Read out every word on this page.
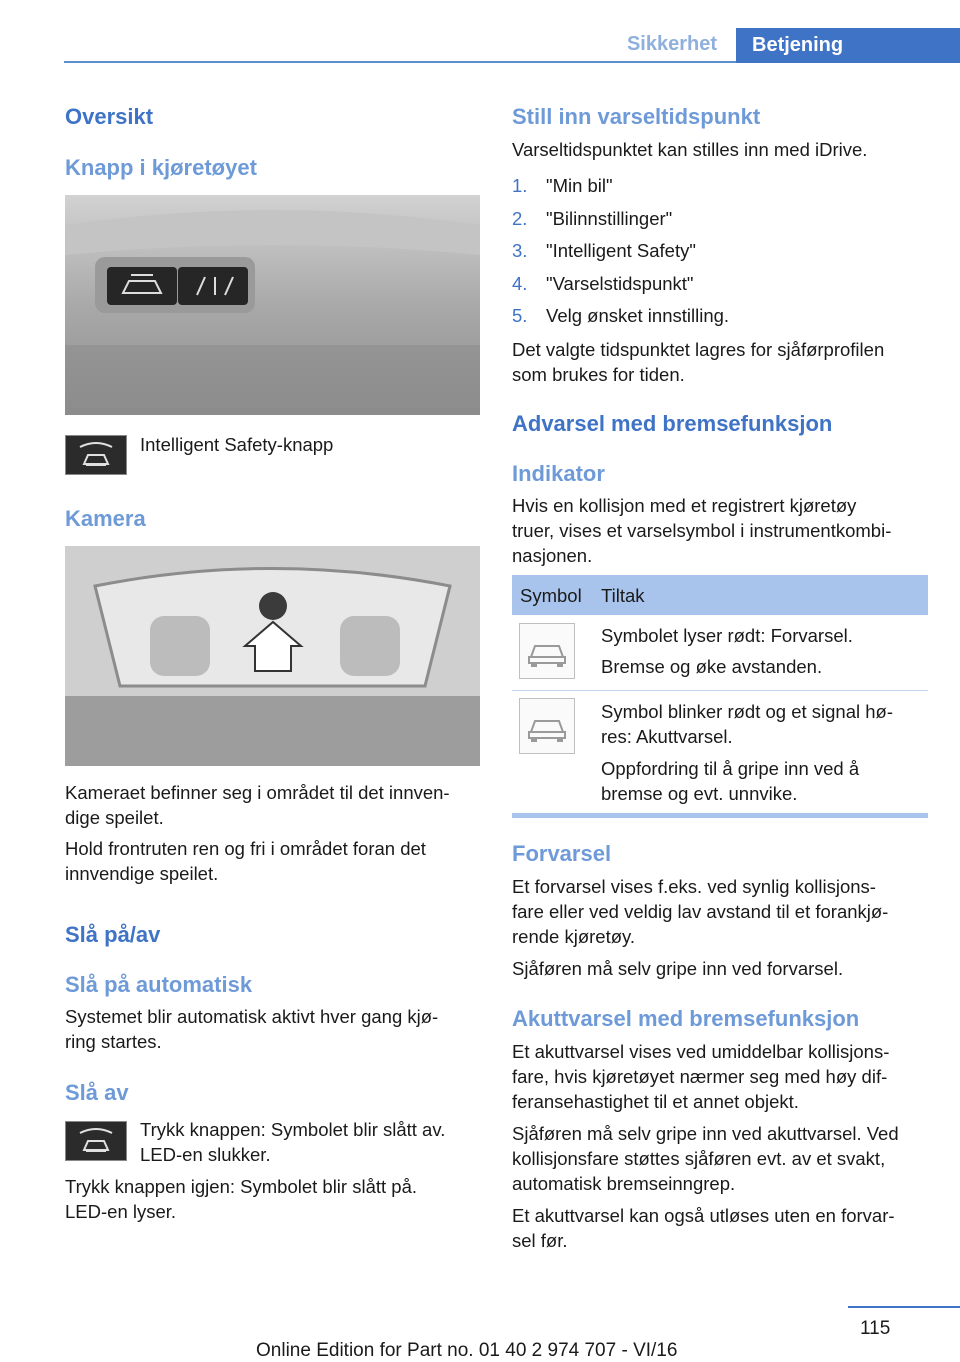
Sikkerhet	Betjening
Oversikt
Knapp i kjøretøyet

Intelligent Safety-knapp

Kamera

Kameraet befinner seg i området til det innven-
dige speilet.

Hold frontruten ren og fri i området foran det
innvendige speilet.

Slå på/av
Slå på automatisk

Systemet blir automatisk aktivt hver gang kjø-
ring startes.

Slå av

Trykk knappen: Symbolet blir slått av.
LED-en slukker.

Trykk knappen igjen: Symbolet blir slått på.
LED-en lyser.

Still inn varseltidspunkt

Varseltidspunktet kan stilles inn med iDrive.

1. "Min bil"
2. "Bilinnstillinger"
3. "Intelligent Safety"
4. "Varselstidspunkt"
5. Velg ønsket innstilling.

Det valgte tidspunktet lagres for sjåførprofilen
som brukes for tiden.

Advarsel med bremsefunksjon
Indikator

Hvis en kollisjon med et registrert kjøretøy
truer, vises et varselsymbol i instrumentkombi-
nasjonen.

Symbol Tiltak

Symbolet lyser rødt: Forvarsel.

Bremse og øke avstanden.

Symbol blinker rødt og et signal hø-
res: Akuttvarsel.

Oppfordring til å gripe inn ved å
bremse og evt. unnvike.

Forvarsel

Et forvarsel vises f.eks. ved synlig kollisjons-
fare eller ved veldig lav avstand til et forankjø-
rende kjøretøy.

Sjåføren må selv gripe inn ved forvarsel.

Akuttvarsel med bremsefunksjon

Et akuttvarsel vises ved umiddelbar kollisjons-
fare, hvis kjøretøyet nærmer seg med høy dif-
feransehastighet til et annet objekt.

Sjåføren må selv gripe inn ved akuttvarsel. Ved
kollisjonsfare støttes sjåføren evt. av et svakt,
automatisk bremseinngrep.

Et akuttvarsel kan også utløses uten en forvar-
sel før.

115
Online Edition for Part no. 01 40 2 974 707 - VI/16
